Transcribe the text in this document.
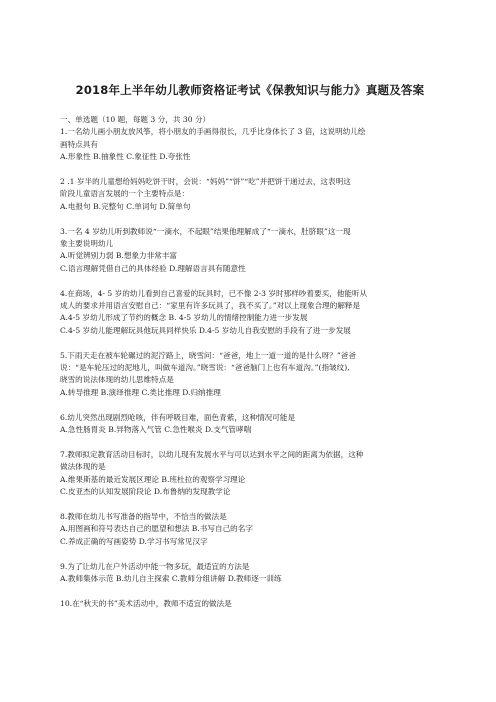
2018年上半年幼儿教师资格证考试《保教知识与能力》真题及答案
一、单选题（10 题，每题 3 分，共 30 分）
1.一名幼儿画小朋友放风筝，将小朋友的手画得很长，几乎比身体长了 3 倍，这说明幼儿绘
画特点具有
A.形象性 B.抽象性 C.象征性 D.夸张性
2 .1 岁半的儿童想给妈妈吃饼干时，会说：“妈妈”“饼”“吃”并把饼干递过去，这表明这
阶段儿童语言发展的一个主要特点是：
A.电报句 B.完整句 C.单词句 D.简单句
3.一名 4 岁幼儿听到教师说“一滴水，不起眼”结果他理解成了“一滴水，肚脐眼”这一现
象主要说明幼儿
A.听觉辨别力弱 B.想象力非常丰富
C.语言理解凭借自己的具体经验 D.理解语言具有随意性
4.在商场，4- 5 岁的幼儿看到自己喜爱的玩具时，已不像 2-3 岁时那样吵着要买，他能听从
成人的要求并用语言安慰自己：“家里有许多玩具了，我不买了。”对以上现象合理的解释是
A.4-5 岁幼儿形成了节约的概念 B. 4-5 岁幼儿的情绪控制能力进一步发展
C.4-5 岁幼儿能理解玩具他玩具同样快乐 D.4-5 岁幼儿自我安慰的手段有了进一步发展
5.下雨天走在被车轮碾过的泥泞路上，晓雪问：“爸爸，地上一道一道的是什么呀？”爸爸
说：“是车轮压过的泥地儿，叫做车道沟。”晓雪说：“爸爸脑门上也有车道沟。”(指皱纹),
晓雪的说法体现的幼儿思维特点是
A.转导推理 B.演绎推理 C.类比推理 D.归纳推理
6.幼儿突然出现剧烈呛咳，伴有呼吸目难，面色青紫，这种情况可能是
A.急性肠胃炎 B.异物落入气管 C.急性喉炎 D.支气管哮喘
7.教师拟定教育活动目标时，以幼儿现有发展水平与可以达到水平之间的距离为依据，这种
做法体现的是
A.维果斯基的最近发展区理论 B.班杜拉的观察学习理论
C.皮亚杰的认知发展阶段论 D.布鲁纳的发现教学论
8.教师在幼儿书写准备的指导中，不恰当的做法是
A.用图画和符号表达自己的愿望和想法 B.书写自己的名字
C.养成正确的写画姿势 D.学习书写常见汉字
9.为了让幼儿在户外活动中能一物多玩，最适宜的方法是
A.教师集体示范 B.幼儿自主探索 C.教师分组讲解 D.教师逐一训练
10.在“秋天的书”美术活动中，教师不适宜的做法是
